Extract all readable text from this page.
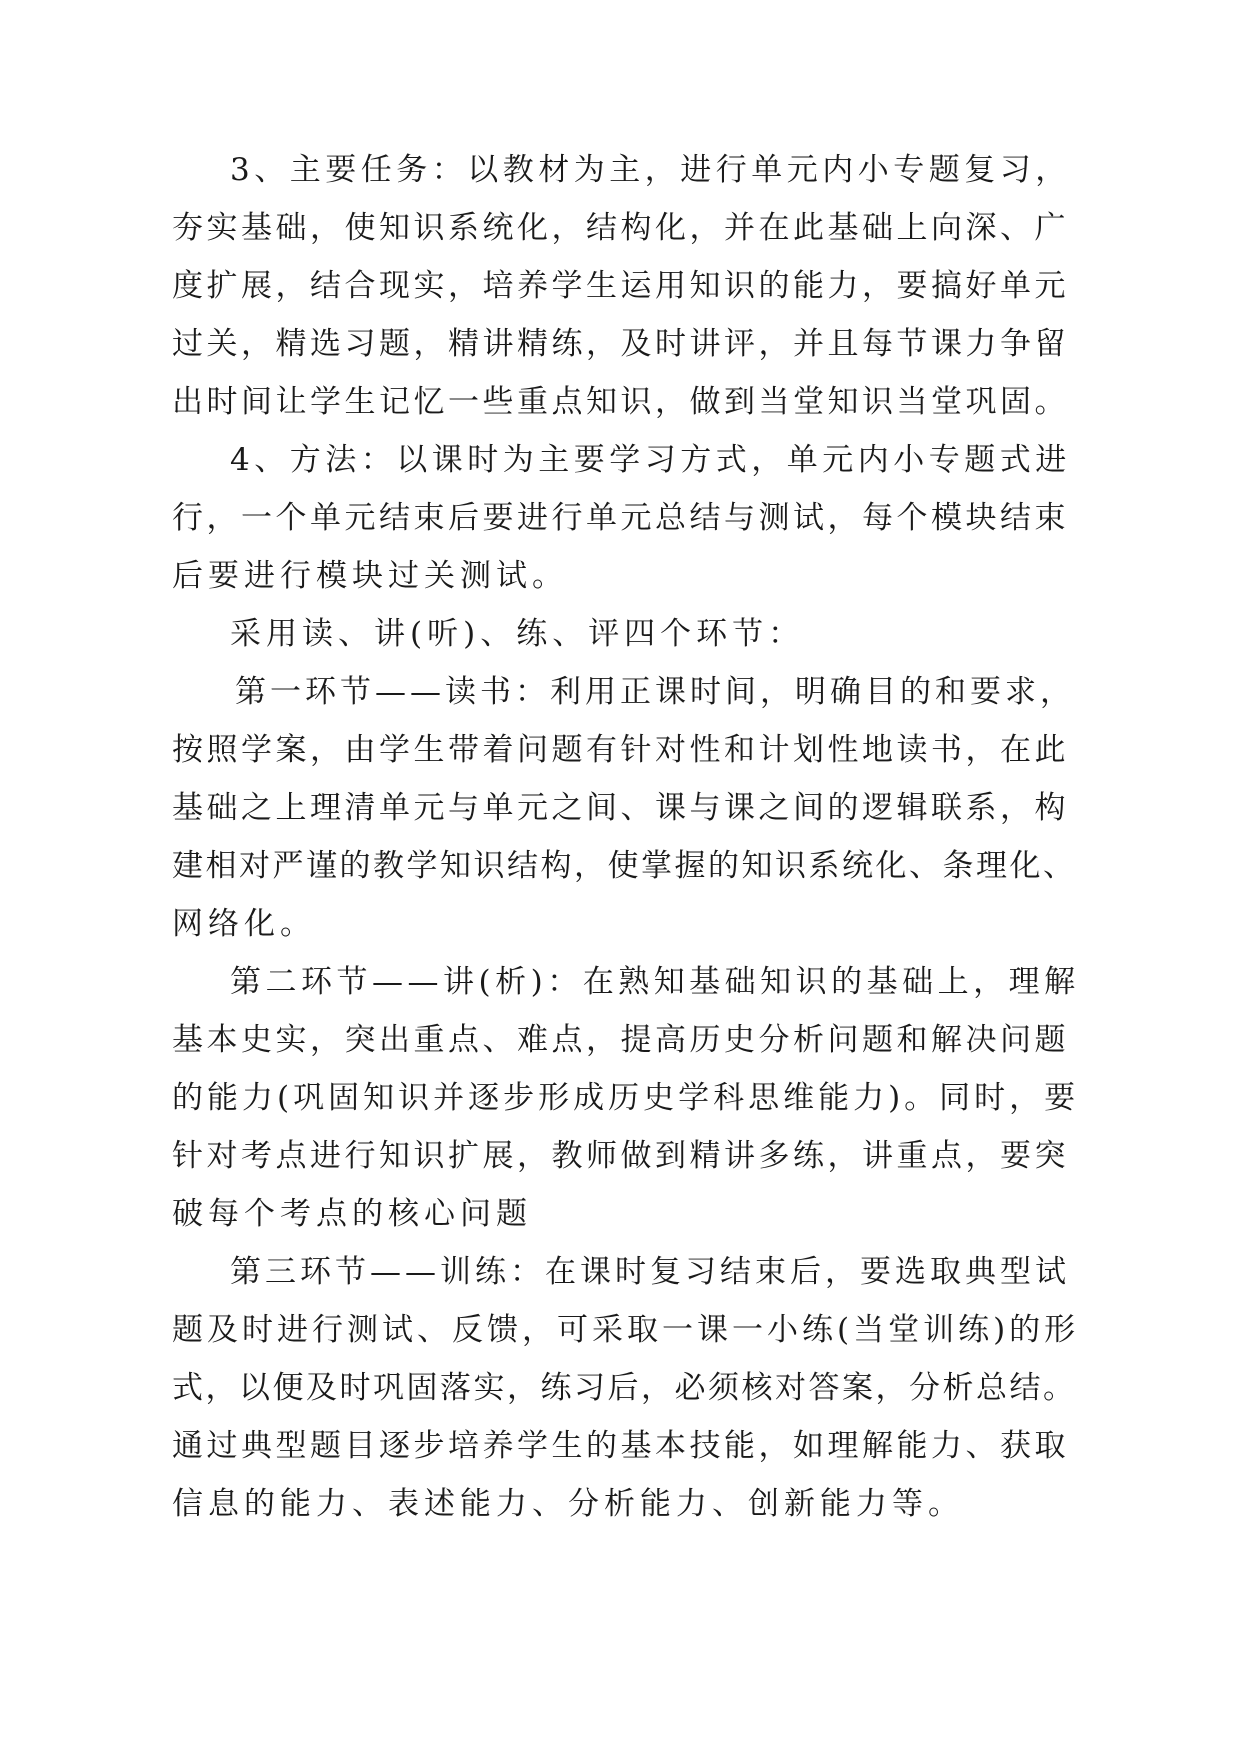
3、主要任务：以教材为主，进行单元内小专题复习，
夯实基础，使知识系统化，结构化，并在此基础上向深、广
度扩展，结合现实，培养学生运用知识的能力，要搞好单元
过关，精选习题，精讲精练，及时讲评，并且每节课力争留
出时间让学生记忆一些重点知识，做到当堂知识当堂巩固。
4、方法：以课时为主要学习方式，单元内小专题式进
行，一个单元结束后要进行单元总结与测试，每个模块结束
后要进行模块过关测试。
采用读、讲(听)、练、评四个环节：
第一环节——读书：利用正课时间，明确目的和要求，
按照学案，由学生带着问题有针对性和计划性地读书，在此
基础之上理清单元与单元之间、课与课之间的逻辑联系，构
建相对严谨的教学知识结构，使掌握的知识系统化、条理化、
网络化。
第二环节——讲(析)：在熟知基础知识的基础上，理解
基本史实，突出重点、难点，提高历史分析问题和解决问题
的能力(巩固知识并逐步形成历史学科思维能力)。同时，要
针对考点进行知识扩展，教师做到精讲多练，讲重点，要突
破每个考点的核心问题
第三环节——训练：在课时复习结束后，要选取典型试
题及时进行测试、反馈，可采取一课一小练(当堂训练)的形
式，以便及时巩固落实，练习后，必须核对答案，分析总结。
通过典型题目逐步培养学生的基本技能，如理解能力、获取
信息的能力、表述能力、分析能力、创新能力等。
